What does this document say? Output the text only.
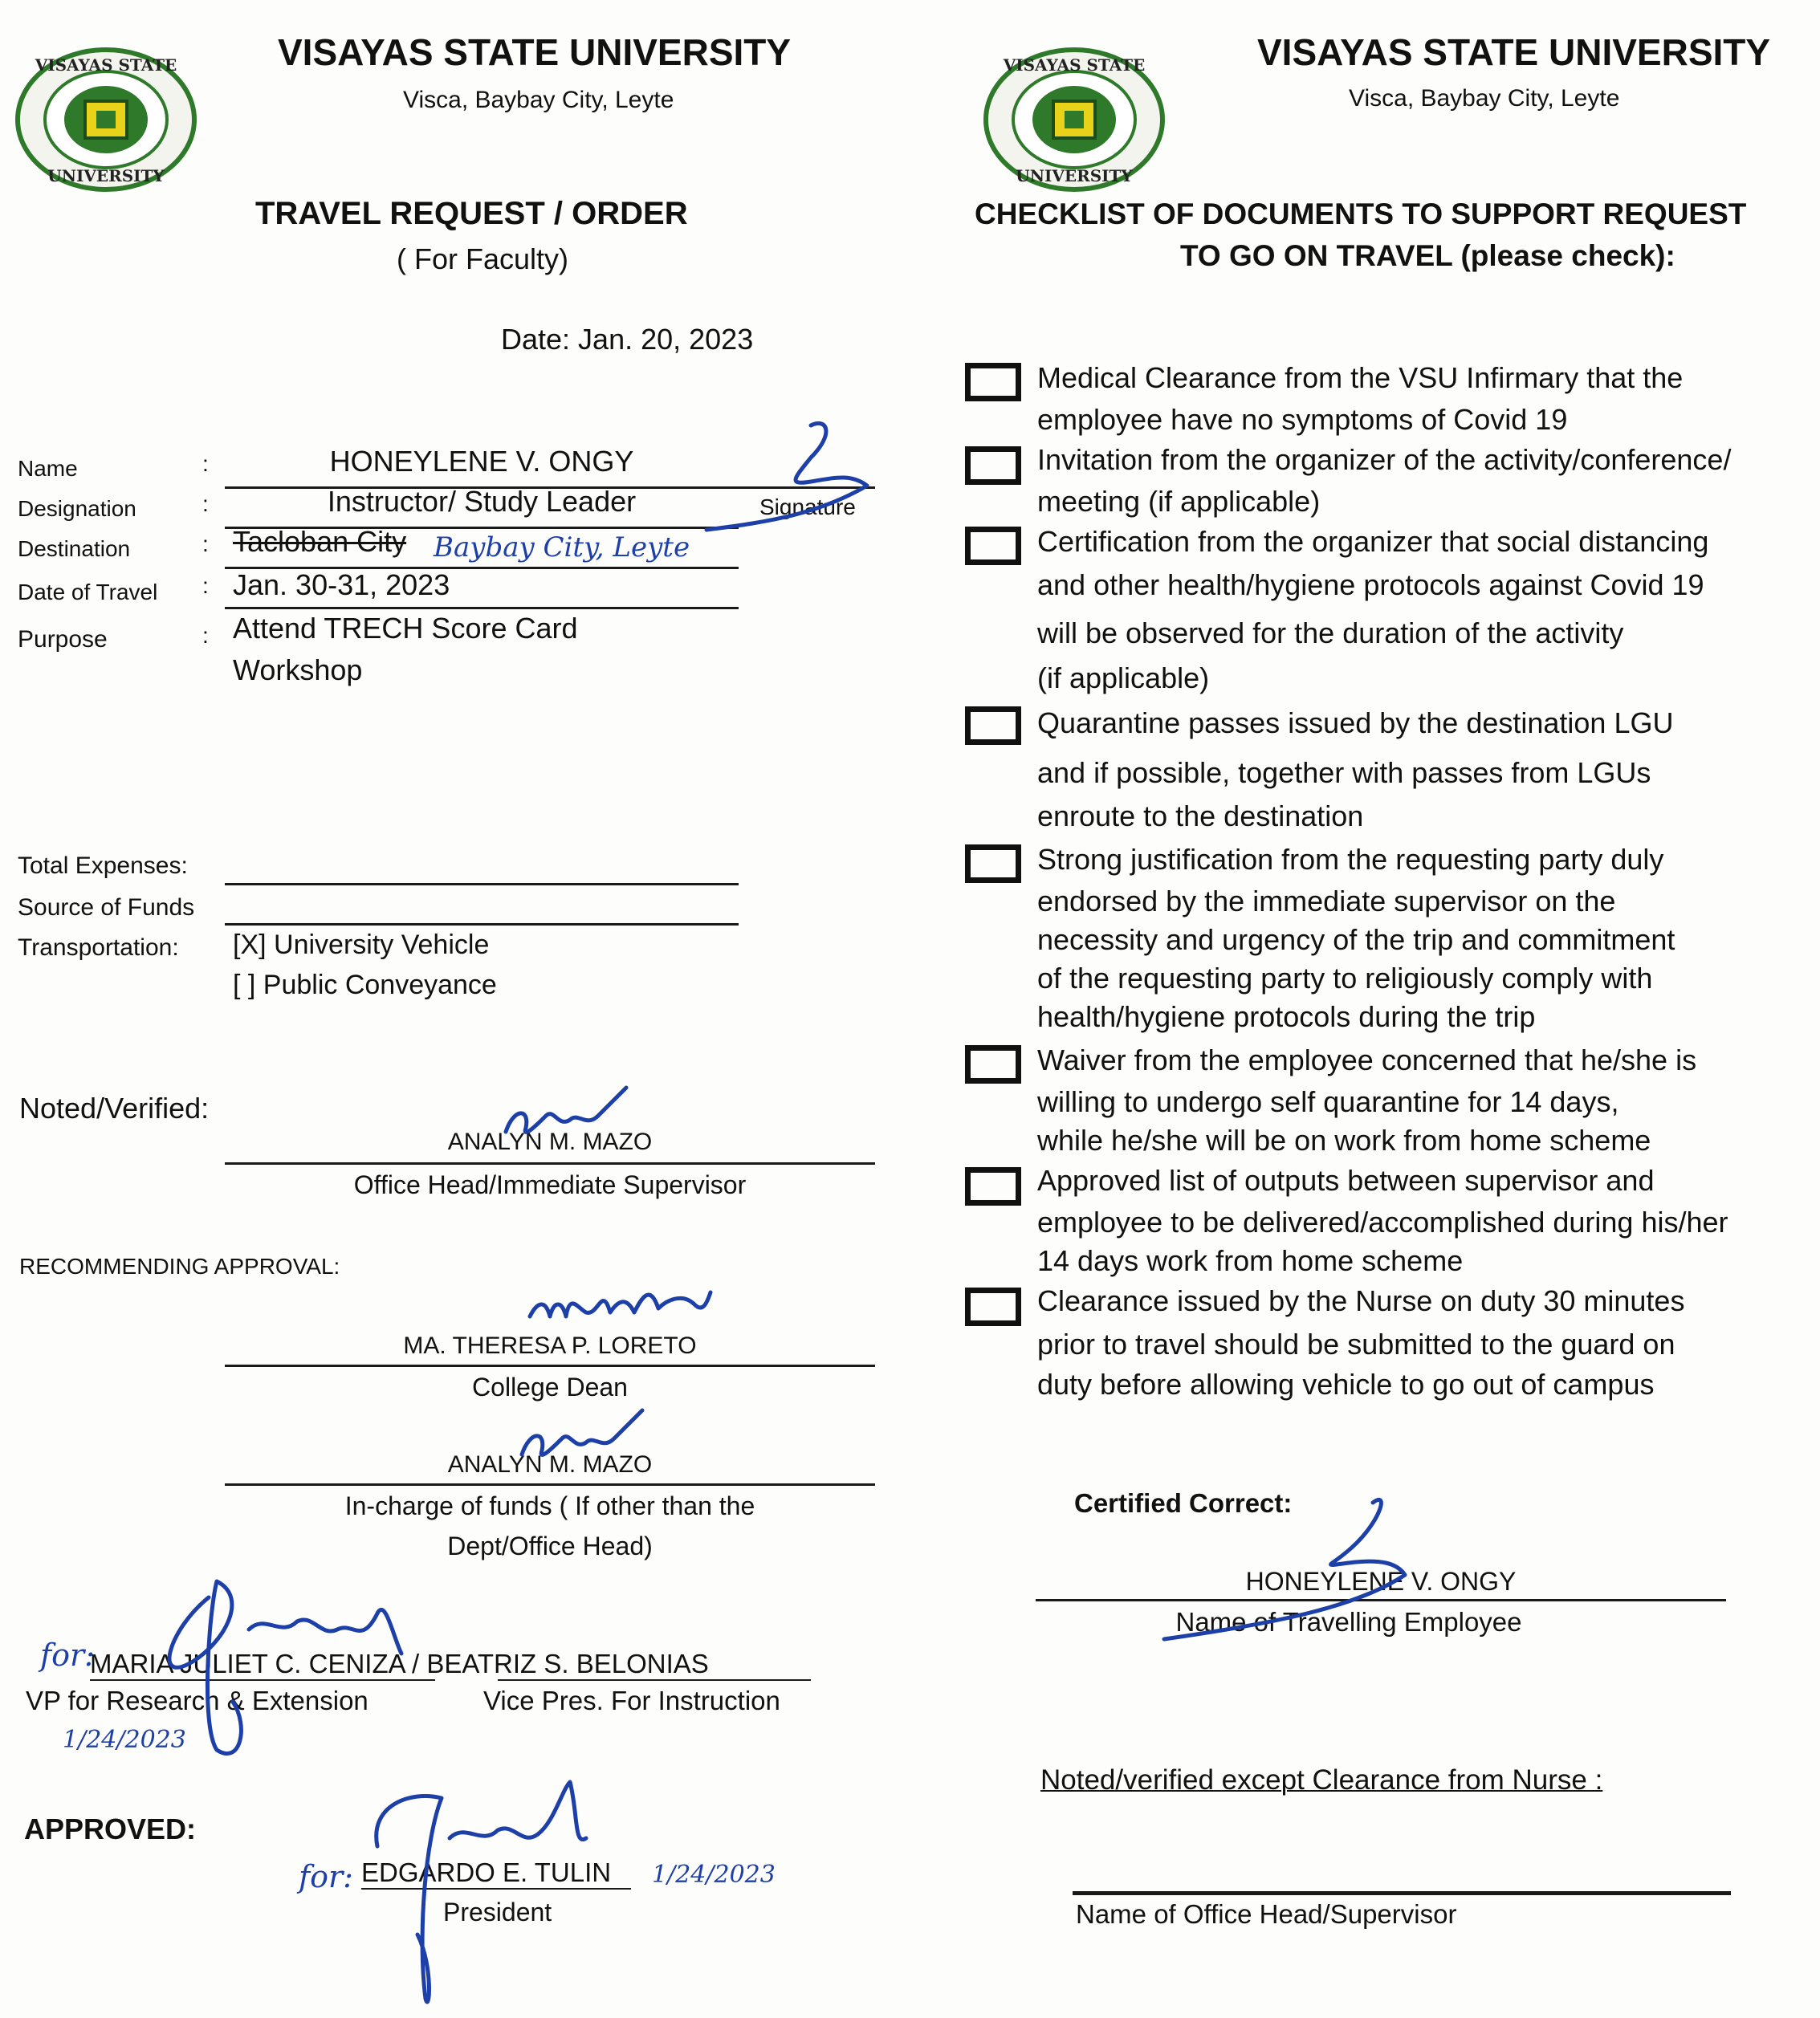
VISAYAS STATE
UNIVERSITY
VISAYAS STATE UNIVERSITY
Visca, Baybay City, Leyte
TRAVEL REQUEST / ORDER
( For Faculty)
Date: Jan. 20, 2023
Name	:	HONEYLENE V. ONGY
Signature
Designation	:	Instructor/ Study Leader
Destination	: Tacloban City Baybay City, Leyte
Date of Travel : Jan. 30-31, 2023
Purpose	: Attend TRECH Score Card
Workshop
Total Expenses:
Source of Funds
Transportation: [X] University Vehicle
[ ] Public Conveyance
Noted/Verified:
ANALYN M. MAZO
Office Head/Immediate Supervisor
RECOMMENDING APPROVAL:
MA. THERESA P. LORETO
College Dean
ANALYN M. MAZO
In-charge of funds ( If other than the
Dept/Office Head)
for:
MARIA JULIET C. CENIZA / BEATRIZ S. BELONIAS
VP for Research & Extension	Vice Pres. For Instruction
1/24/2023
APPROVED:
for: EDGARDO E. TULIN
President
1/24/2023
VISAYAS STATE
UNIVERSITY
VISAYAS STATE UNIVERSITY
Visca, Baybay City, Leyte
CHECKLIST OF DOCUMENTS TO SUPPORT REQUEST
TO GO ON TRAVEL (please check):
Medical Clearance from the VSU Infirmary that the
employee have no symptoms of Covid 19
Invitation from the organizer of the activity/conference/
meeting (if applicable)
Certification from the organizer that social distancing
and other health/hygiene protocols against Covid 19
will be observed for the duration of the activity
(if applicable)
Quarantine passes issued by the destination LGU
and if possible, together with passes from LGUs
enroute to the destination
Strong justification from the requesting party duly
endorsed by the immediate supervisor on the
necessity and urgency of the trip and commitment
of the requesting party to religiously comply with
health/hygiene protocols during the trip
Waiver from the employee concerned that he/she is
willing to undergo self quarantine for 14 days,
while he/she will be on work from home scheme
Approved list of outputs between supervisor and
employee to be delivered/accomplished during his/her
14 days work from home scheme
Clearance issued by the Nurse on duty 30 minutes
prior to travel should be submitted to the guard on
duty before allowing vehicle to go out of campus
Certified Correct:
HONEYLENE V. ONGY
Name of Travelling Employee
Noted/verified except Clearance from Nurse :
Name of Office Head/Supervisor
